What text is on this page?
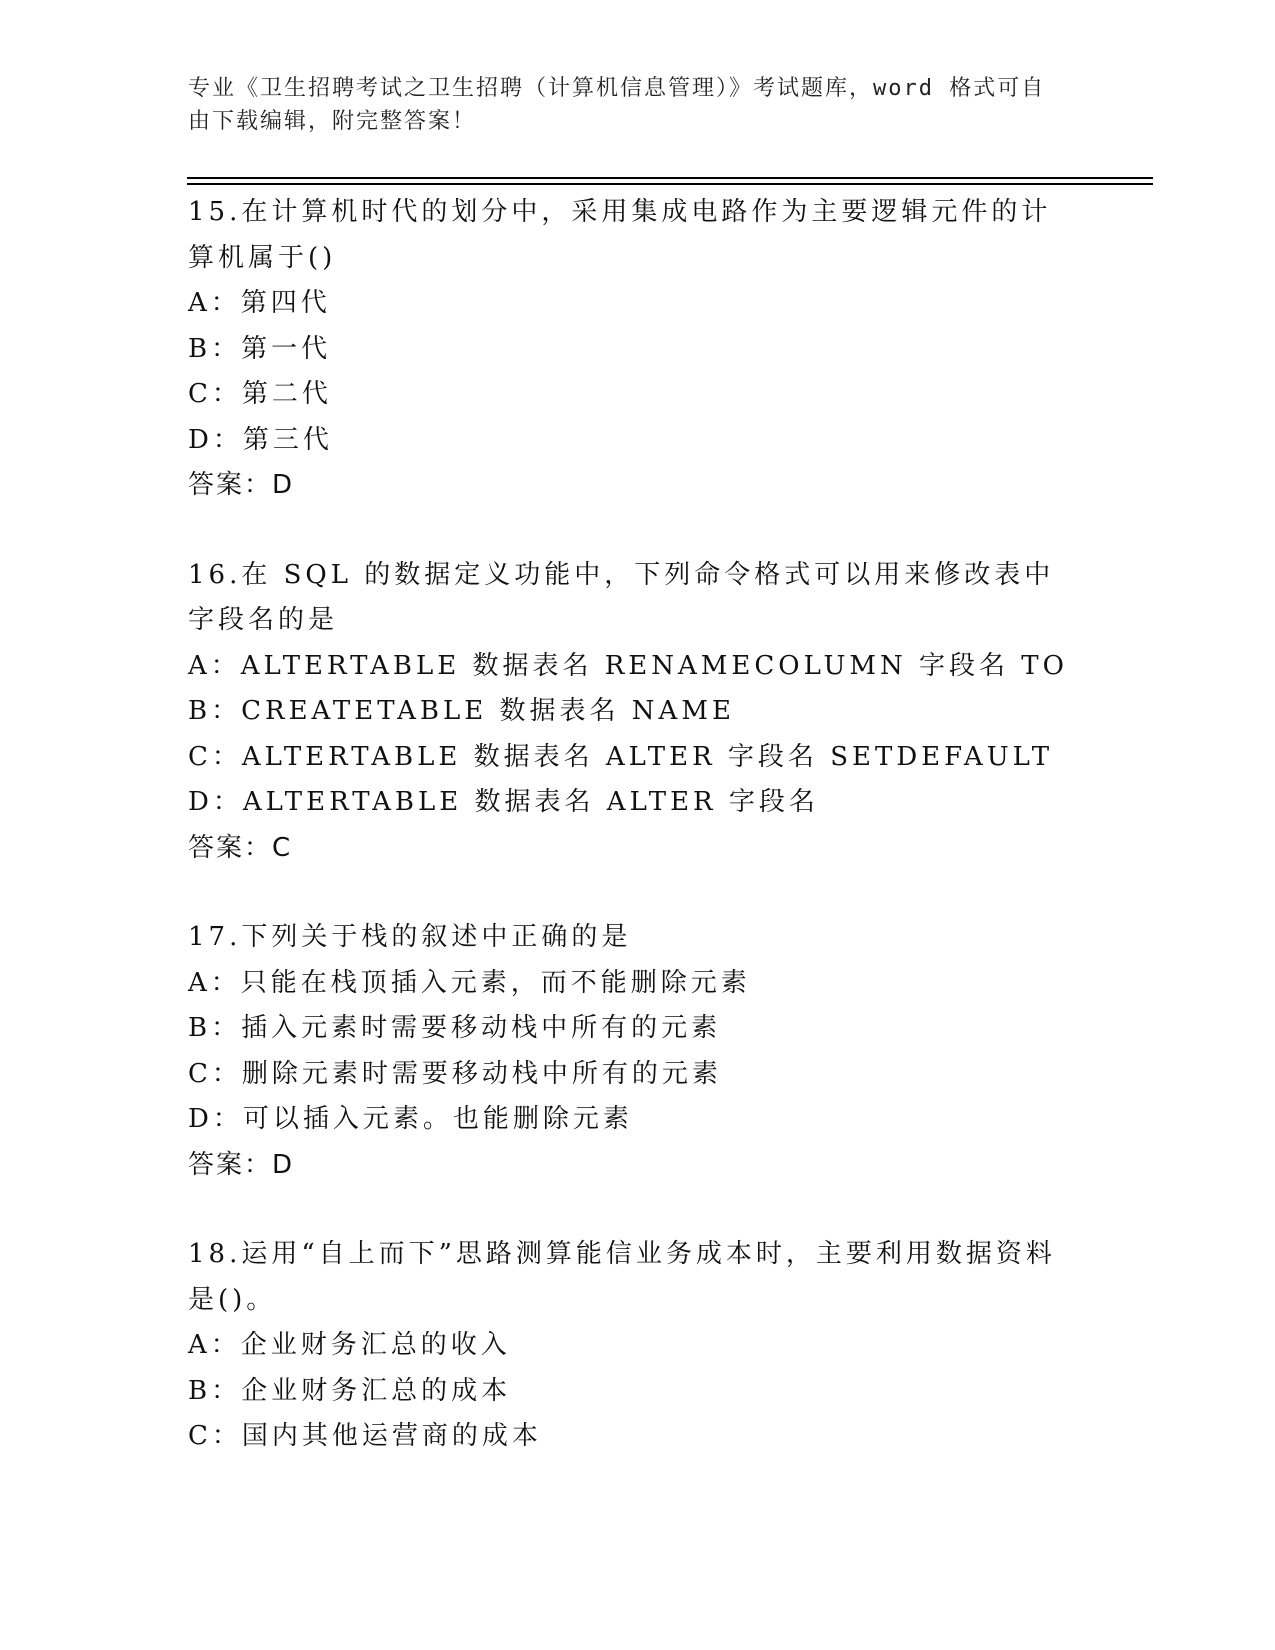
专业《卫生招聘考试之卫生招聘（计算机信息管理）》考试题库，word 格式可自
由下载编辑，附完整答案！
15.在计算机时代的划分中，采用集成电路作为主要逻辑元件的计算机属于()
A：第四代
B：第一代
C：第二代
D：第三代
答案：D
16.在 SQL 的数据定义功能中，下列命令格式可以用来修改表中字段名的是
A：ALTERTABLE 数据表名 RENAMECOLUMN 字段名 TO
B：CREATETABLE 数据表名 NAME
C：ALTERTABLE 数据表名 ALTER 字段名 SETDEFAULT
D：ALTERTABLE 数据表名 ALTER 字段名
答案：C
17.下列关于栈的叙述中正确的是
A：只能在栈顶插入元素，而不能删除元素
B：插入元素时需要移动栈中所有的元素
C：删除元素时需要移动栈中所有的元素
D：可以插入元素。也能删除元素
答案：D
18.运用“自上而下”思路测算能信业务成本时，主要利用数据资料是()。
A：企业财务汇总的收入
B：企业财务汇总的成本
C：国内其他运营商的成本
